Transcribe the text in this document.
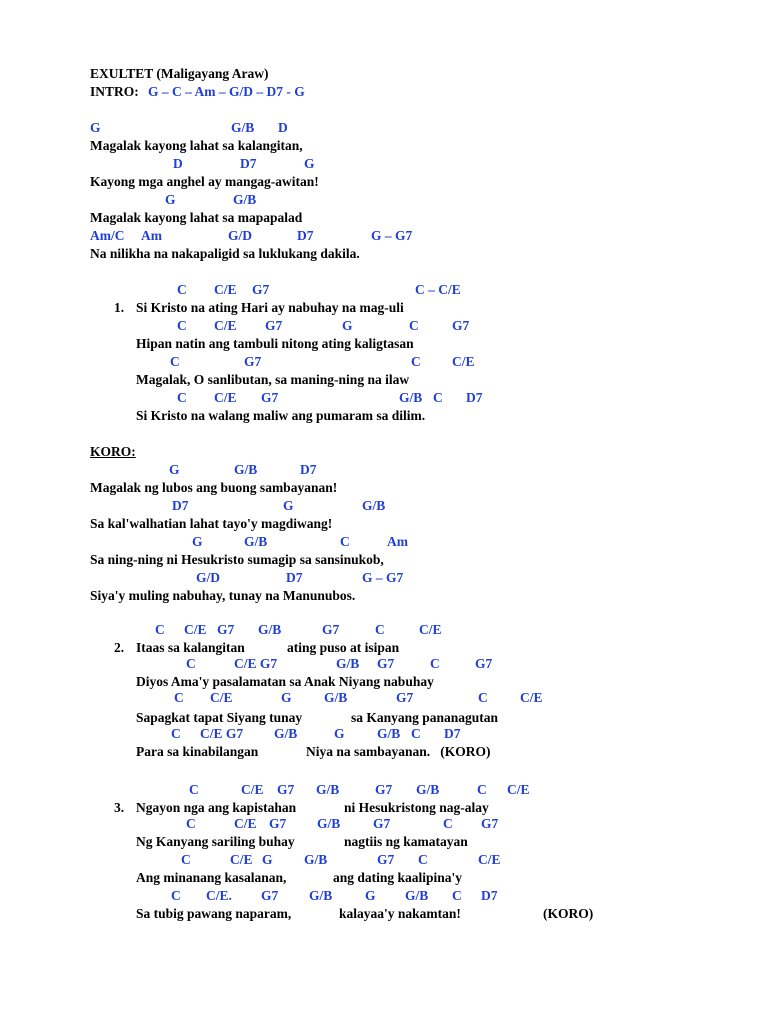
EXULTET (Maligayang Araw)
INTRO: G – C – Am – G/D – D7 - G
G	G/B D
Magalak kayong lahat sa kalangitan,
D	D7	G
Kayong mga anghel ay mangag-awitan!
G	G/B
Magalak kayong lahat sa mapapalad
Am/C Am	G/D	D7	G – G7
Na nilikha na nakapaligid sa luklukang dakila.
C C/E G7	C – C/E
1. Si Kristo na ating Hari ay nabuhay na mag-uli
C C/E G7	G	C G7
Hipan natin ang tambuli nitong ating kaligtasan
C	G7	C C/E
Magalak, O sanlibutan, sa maning-ning na ilaw
C C/E G7	G/B C D7
Si Kristo na walang maliw ang pumaram sa dilim.
KORO:
G	G/B	D7
Magalak ng lubos ang buong sambayanan!
D7	G	G/B
Sa kal'walhatian lahat tayo'y magdiwang!
G	G/B	C	Am
Sa ning-ning ni Hesukristo sumagip sa sansinukob,
G/D	D7	G – G7
Siya'y muling nabuhay, tunay na Manunubos.
C C/E G7 G/B	G7	C	C/E
2. Itaas sa kalangitan	ating puso at isipan
C	C/E G7	G/B G7	C	G7
Diyos Ama'y pasalamatan sa Anak Niyang nabuhay
C C/E	G G/B	G7	C C/E
Sapagkat tapat Siyang tunay	sa Kanyang pananagutan
C C/E G7 G/B	G G/B C D7
Para sa kinabilangan	Niya na sambayanan.   (KORO)
C	C/E G7 G/B	G7 G/B	C C/E
3. Ngayon nga ang kapistahan	ni Hesukristong nag-alay
C	C/E G7 G/B G7	C G7
Ng Kanyang sariling buhay	nagtiis ng kamatayan
C	C/E G G/B	G7 C	C/E
Ang minanang kasalanan,	ang dating kaalipina'y
C C/E. G7 G/B G G/B C D7
Sa tubig pawang naparam,	kalayaa'y nakamtan!	(KORO)
